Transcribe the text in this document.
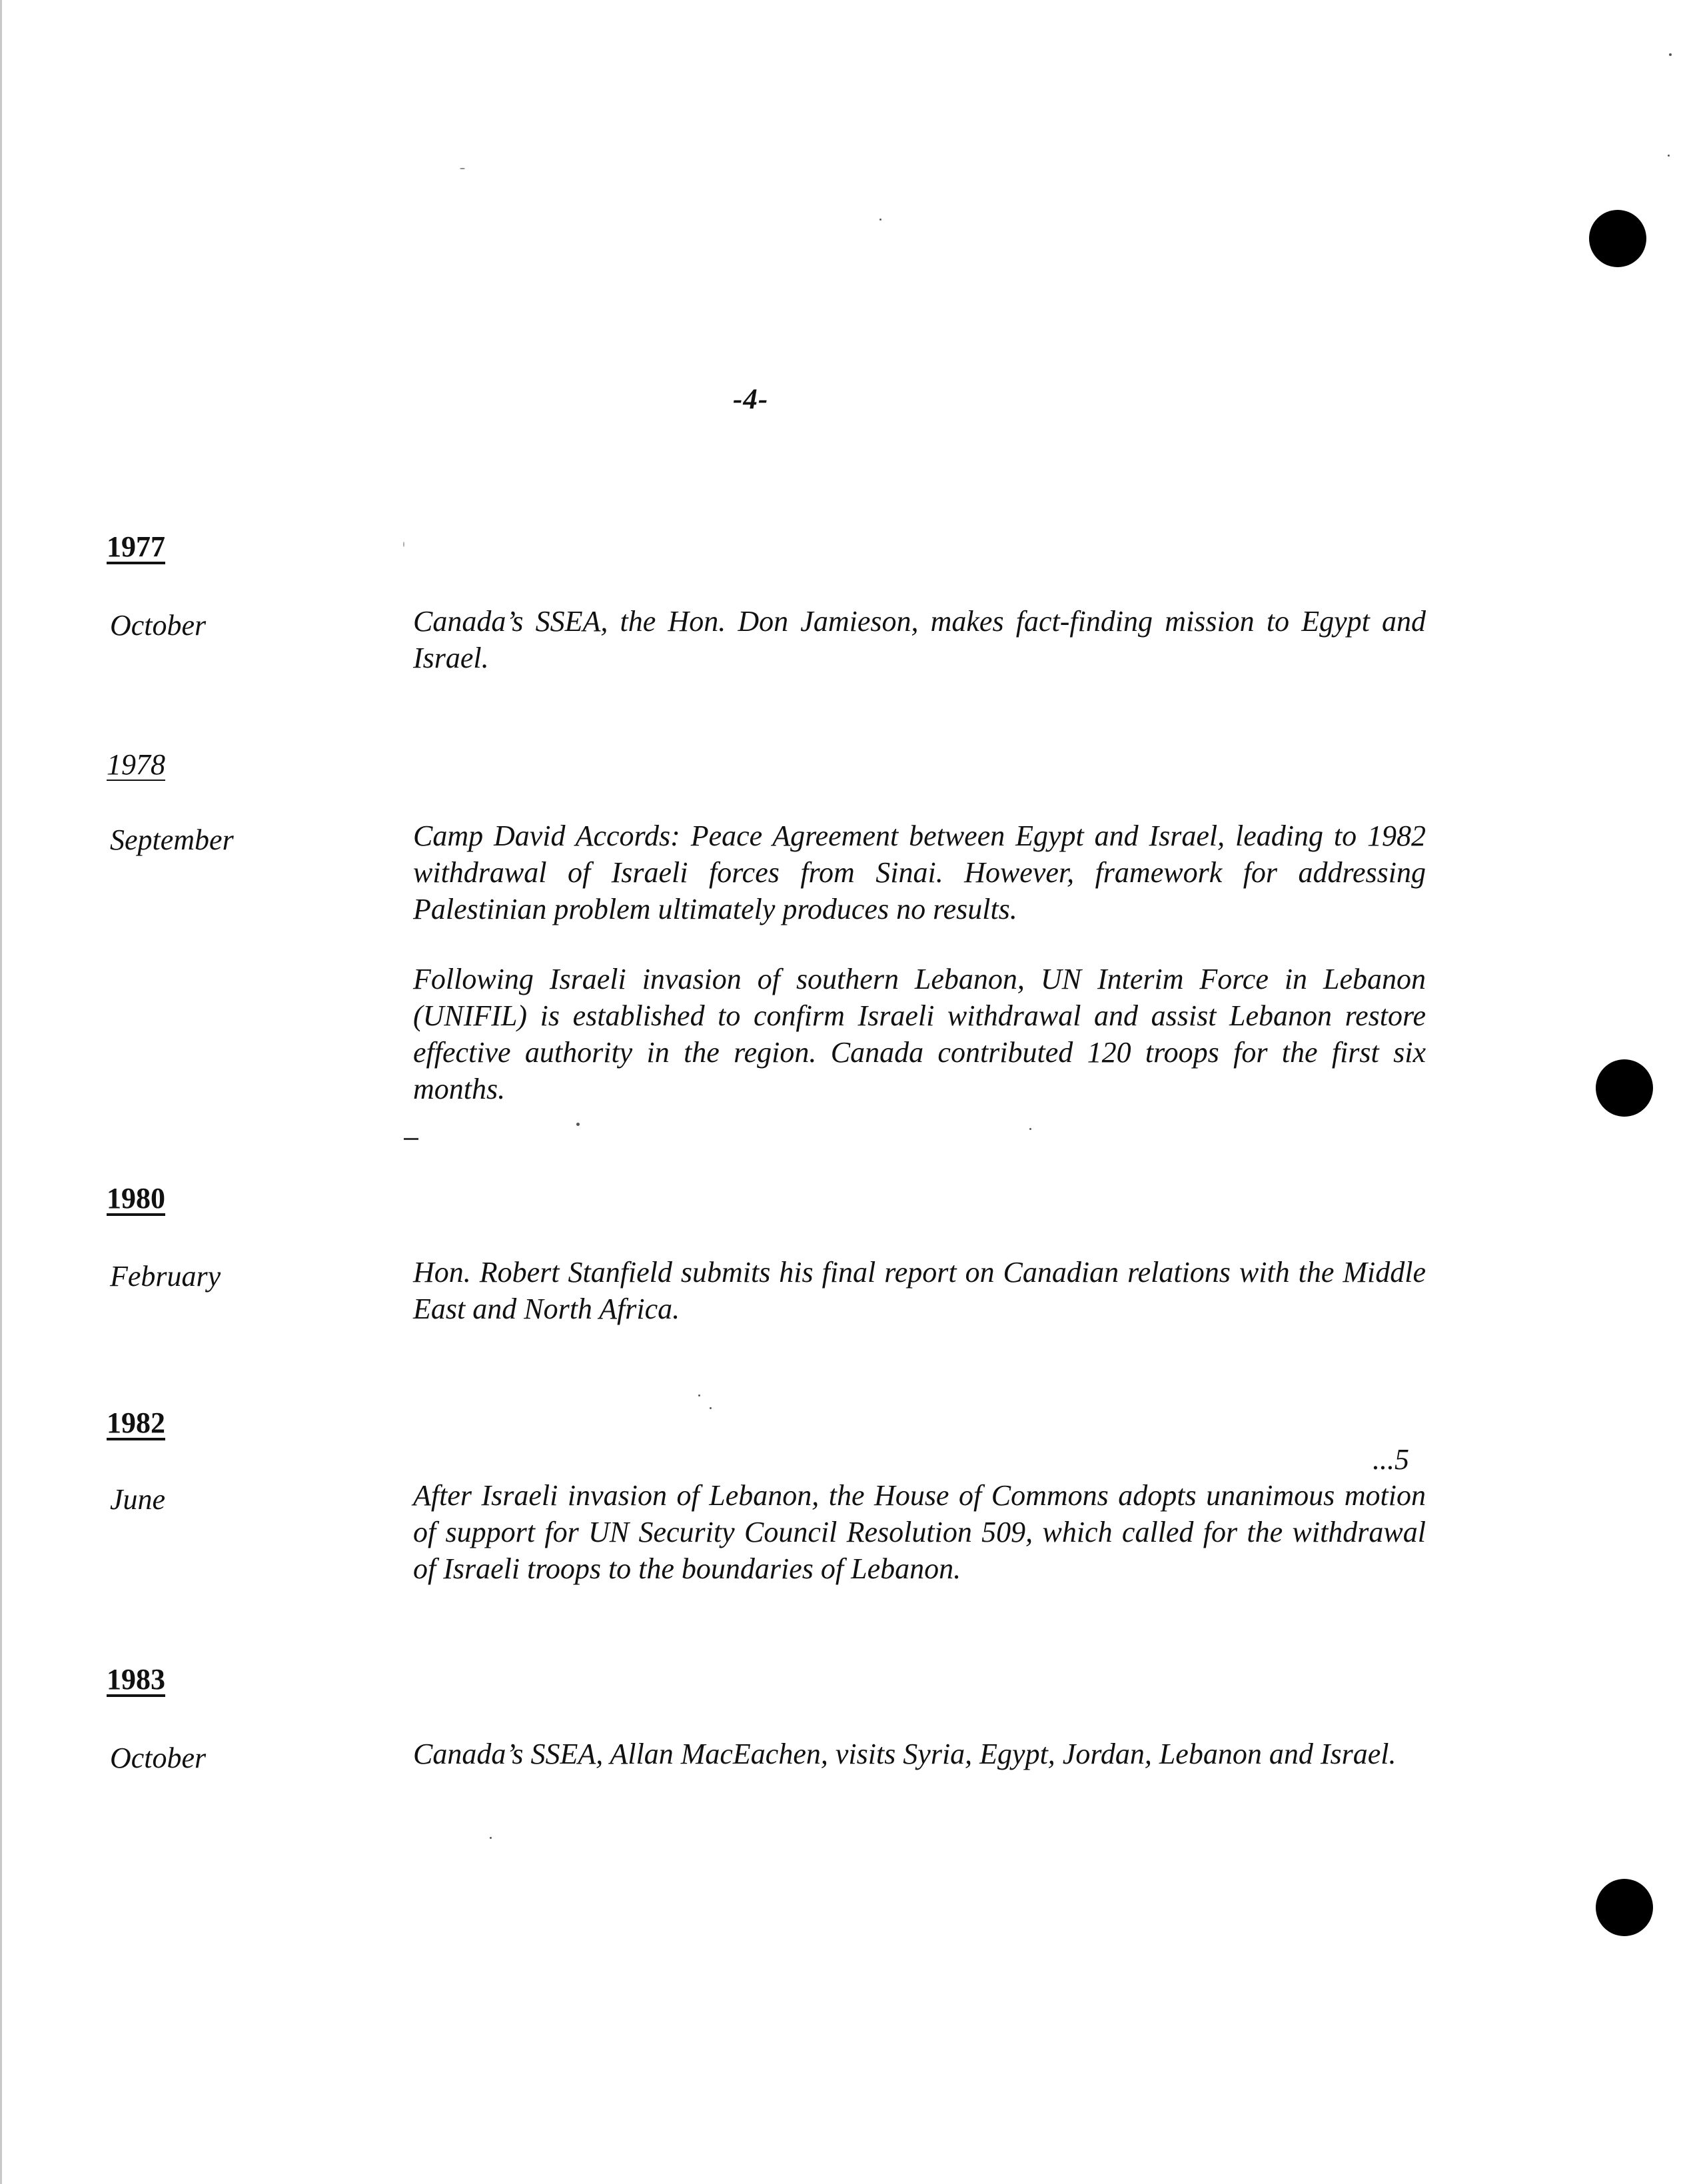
-4-
1977
October	Canada’s SSEA, the Hon. Don Jamieson, makes fact-finding mission to Egypt and Israel.
1978
September	Camp David Accords: Peace Agreement between Egypt and Israel, leading to 1982 withdrawal of Israeli forces from Sinai. However, framework for addressing Palestinian problem ultimately produces no results.
Following Israeli invasion of southern Lebanon, UN Interim Force in Lebanon (UNIFIL) is established to confirm Israeli withdrawal and assist Lebanon restore effective authority in the region. Canada contributed 120 troops for the first six months.
1980
February	Hon. Robert Stanfield submits his final report on Canadian relations with the Middle East and North Africa.
1982
June	After Israeli invasion of Lebanon, the House of Commons adopts unanimous motion of support for UN Security Council Resolution 509, which called for the withdrawal of Israeli troops to the boundaries of Lebanon.
1983
October	Canada’s SSEA, Allan MacEachen, visits Syria, Egypt, Jordan, Lebanon and Israel.
...5
